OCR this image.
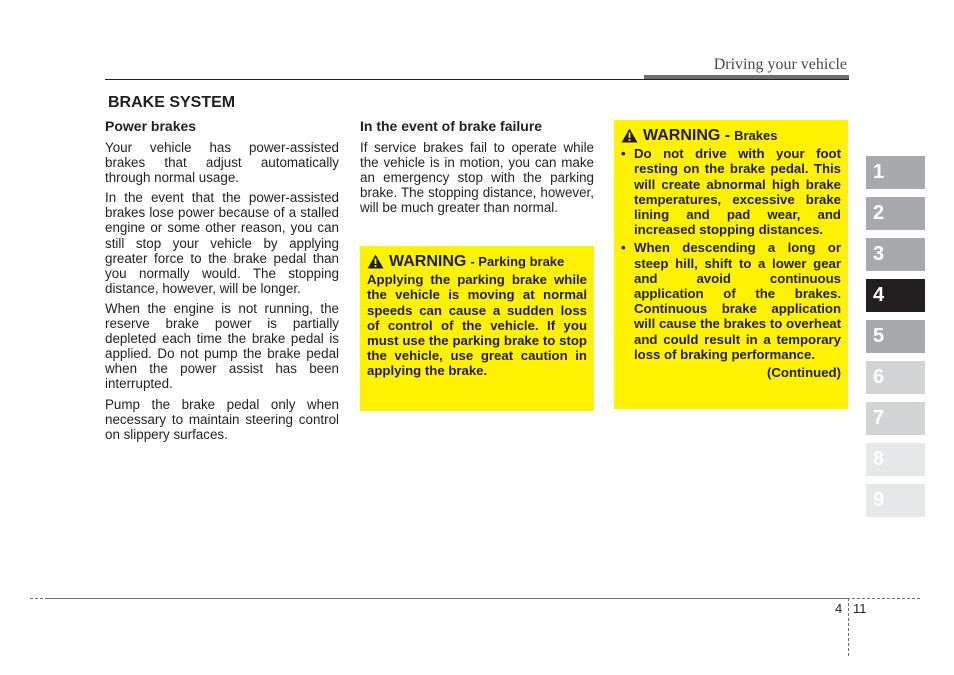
Driving your vehicle
BRAKE SYSTEM
Power brakes

Your vehicle has power-assisted brakes that adjust automatically through normal usage.

In the event that the power-assisted brakes lose power because of a stalled engine or some other reason, you can still stop your vehicle by applying greater force to the brake pedal than you normally would. The stopping distance, however, will be longer.

When the engine is not running, the reserve brake power is partially depleted each time the brake pedal is applied. Do not pump the brake pedal when the power assist has been interrupted.

Pump the brake pedal only when necessary to maintain steering control on slippery surfaces.

In the event of brake failure

If service brakes fail to operate while the vehicle is in motion, you can make an emergency stop with the parking brake. The stopping distance, however, will be much greater than normal.

WARNING - Parking brake

Applying the parking brake while the vehicle is moving at normal speeds can cause a sudden loss of control of the vehicle. If you must use the parking brake to stop the vehicle, use great caution in applying the brake.

WARNING - Brakes
• Do not drive with your foot resting on the brake pedal. This will create abnormal high brake temperatures, excessive brake lining and pad wear, and increased stopping distances.
• When descending a long or steep hill, shift to a lower gear and avoid continuous application of the brakes. Continuous brake application will cause the brakes to overheat and could result in a temporary loss of braking performance.
(Continued)
1
2
3
4
5
6
7
8
9
4 11
